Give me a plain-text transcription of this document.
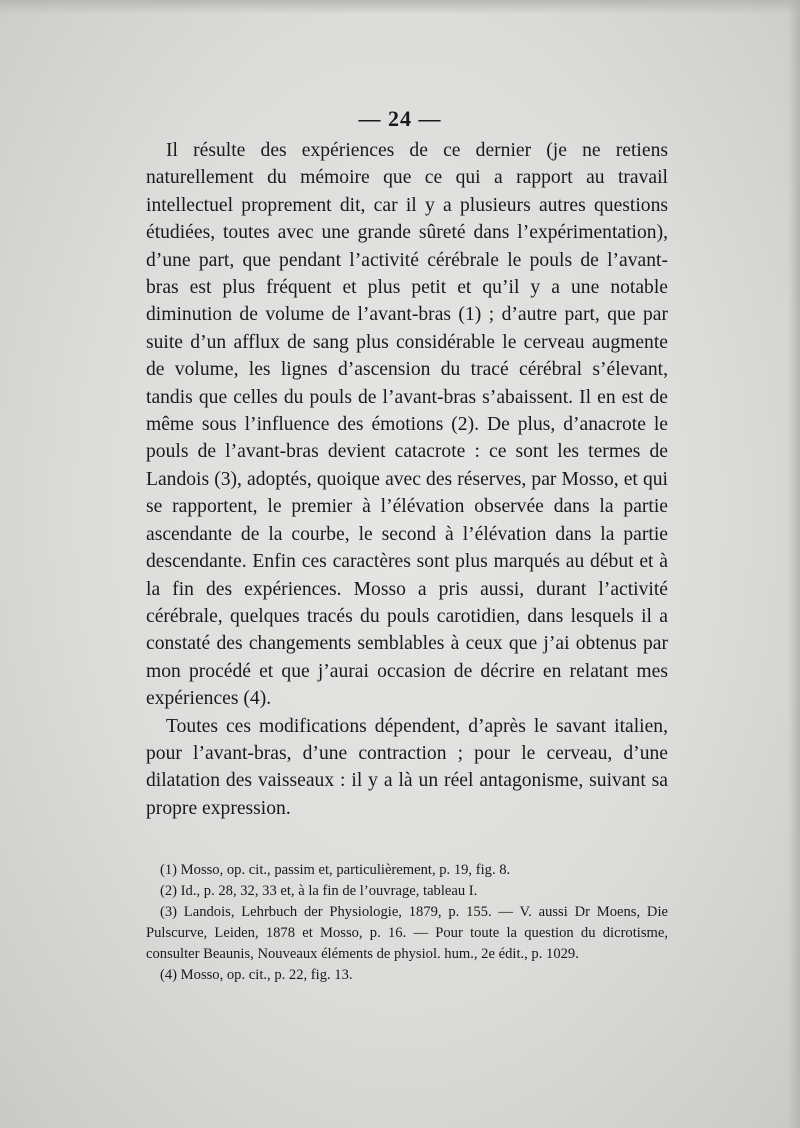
— 24 —

Il résulte des expériences de ce dernier (je ne retiens naturellement du mémoire que ce qui a rapport au travail intellectuel proprement dit, car il y a plusieurs autres questions étudiées, toutes avec une grande sûreté dans l’expérimentation), d’une part, que pendant l’activité cérébrale le pouls de l’avant-bras est plus fréquent et plus petit et qu’il y a une notable diminution de volume de l’avant-bras (1) ; d’autre part, que par suite d’un afflux de sang plus considérable le cerveau augmente de volume, les lignes d’ascension du tracé cérébral s’élevant, tandis que celles du pouls de l’avant-bras s’abaissent. Il en est de même sous l’influence des émotions (2). De plus, d’anacrote le pouls de l’avant-bras devient catacrote : ce sont les termes de Landois (3), adoptés, quoique avec des réserves, par Mosso, et qui se rapportent, le premier à l’élévation observée dans la partie ascendante de la courbe, le second à l’élévation dans la partie descendante. Enfin ces caractères sont plus marqués au début et à la fin des expériences. Mosso a pris aussi, durant l’activité cérébrale, quelques tracés du pouls carotidien, dans lesquels il a constaté des changements semblables à ceux que j’ai obtenus par mon procédé et que j’aurai occasion de décrire en relatant mes expériences (4).

Toutes ces modifications dépendent, d’après le savant italien, pour l’avant-bras, d’une contraction ; pour le cerveau, d’une dilatation des vaisseaux : il y a là un réel antagonisme, suivant sa propre expression.

(1) Mosso, op. cit., passim et, particulièrement, p. 19, fig. 8.

(2) Id., p. 28, 32, 33 et, à la fin de l’ouvrage, tableau I.

(3) Landois, Lehrbuch der Physiologie, 1879, p. 155. — V. aussi Dr Moens, Die Pulscurve, Leiden, 1878 et Mosso, p. 16. — Pour toute la question du dicrotisme, consulter Beaunis, Nouveaux éléments de physiol. hum., 2e édit., p. 1029.

(4) Mosso, op. cit., p. 22, fig. 13.
